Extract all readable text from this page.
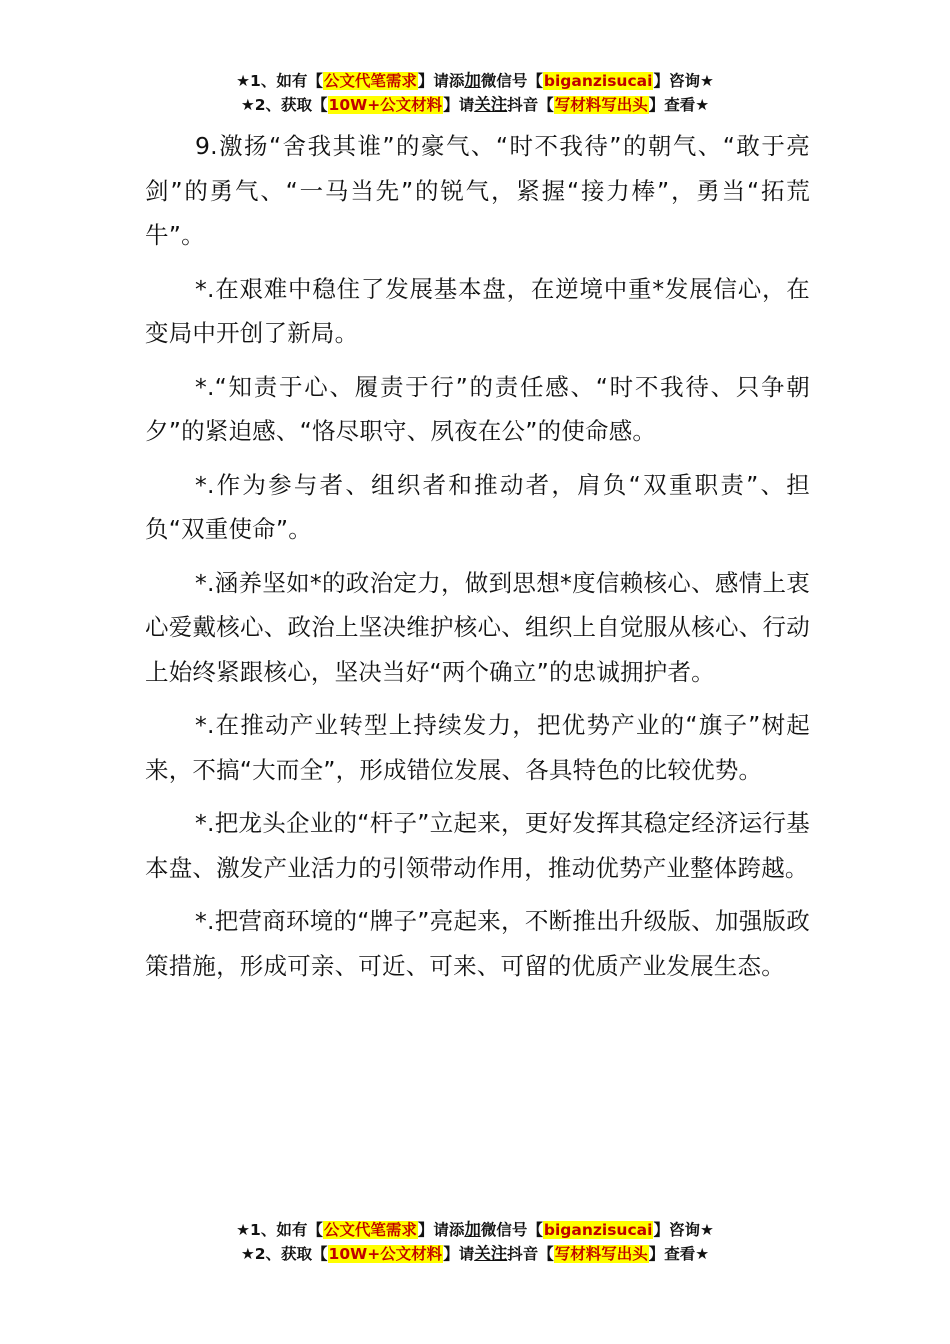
★1、如有【公文代笔需求】请添加微信号【biganzisucai】咨询★
★2、获取【10W+公文材料】请关注抖音【写材料写出头】查看★

9.激扬“舍我其谁”的豪气、“时不我待”的朝气、“敢于亮剑”的勇气、“一马当先”的锐气，紧握“接力棒”，勇当“拓荒牛”。

*.在艰难中稳住了发展基本盘，在逆境中重*发展信心，在变局中开创了新局。

*.“知责于心、履责于行”的责任感、“时不我待、只争朝夕”的紧迫感、“恪尽职守、夙夜在公”的使命感。

*.作为参与者、组织者和推动者，肩负“双重职责”、担负“双重使命”。

*.涵养坚如*的政治定力，做到思想*度信赖核心、感情上衷心爱戴核心、政治上坚决维护核心、组织上自觉服从核心、行动上始终紧跟核心，坚决当好“两个确立”的忠诚拥护者。

*.在推动产业转型上持续发力，把优势产业的“旗子”树起来，不搞“大而全”，形成错位发展、各具特色的比较优势。

*.把龙头企业的“杆子”立起来，更好发挥其稳定经济运行基本盘、激发产业活力的引领带动作用，推动优势产业整体跨越。

*.把营商环境的“牌子”亮起来，不断推出升级版、加强版政策措施，形成可亲、可近、可来、可留的优质产业发展生态。

★1、如有【公文代笔需求】请添加微信号【biganzisucai】咨询★
★2、获取【10W+公文材料】请关注抖音【写材料写出头】查看★
